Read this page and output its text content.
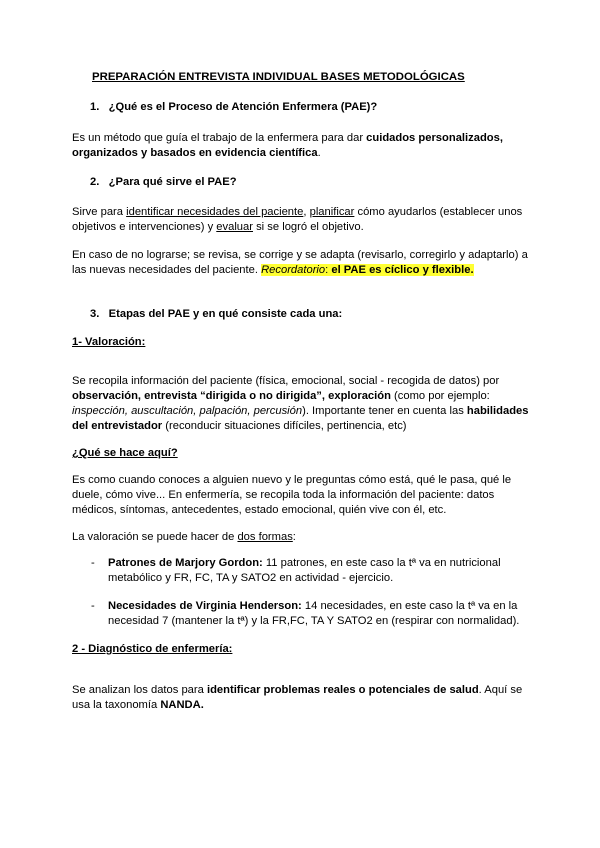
PREPARACIÓN ENTREVISTA INDIVIDUAL BASES METODOLÓGICAS
1. ¿Qué es el Proceso de Atención Enfermera (PAE)?
Es un método que guía el trabajo de la enfermera para dar cuidados personalizados,
organizados y basados en evidencia científica.
2. ¿Para qué sirve el PAE?
Sirve para identificar necesidades del paciente, planificar cómo ayudarlos (establecer unos
objetivos e intervenciones) y evaluar si se logró el objetivo.
En caso de no lograrse; se revisa, se corrige y se adapta (revisarlo, corregirlo y adaptarlo) a
las nuevas necesidades del paciente. Recordatorio: el PAE es cíclico y flexible.
3. Etapas del PAE y en qué consiste cada una:
1- Valoración:
Se recopila información del paciente (física, emocional, social - recogida de datos) por
observación, entrevista “dirigida o no dirigida”, exploración (como por ejemplo:
inspección, auscultación, palpación, percusión). Importante tener en cuenta las habilidades
del entrevistador (reconducir situaciones difíciles, pertinencia, etc)
¿Qué se hace aquí?
Es como cuando conoces a alguien nuevo y le preguntas cómo está, qué le pasa, qué le
duele, cómo vive... En enfermería, se recopila toda la información del paciente: datos
médicos, síntomas, antecedentes, estado emocional, quién vive con él, etc.
La valoración se puede hacer de dos formas:
- Patrones de Marjory Gordon: 11 patrones, en este caso la tª va en nutricional
metabólico y FR, FC, TA y SATO2 en actividad - ejercicio.
- Necesidades de Virginia Henderson: 14 necesidades, en este caso la tª va en la
necesidad 7 (mantener la tª) y la FR,FC, TA Y SATO2 en (respirar con normalidad).
2 - Diagnóstico de enfermería:
Se analizan los datos para identificar problemas reales o potenciales de salud. Aquí se
usa la taxonomía NANDA.
